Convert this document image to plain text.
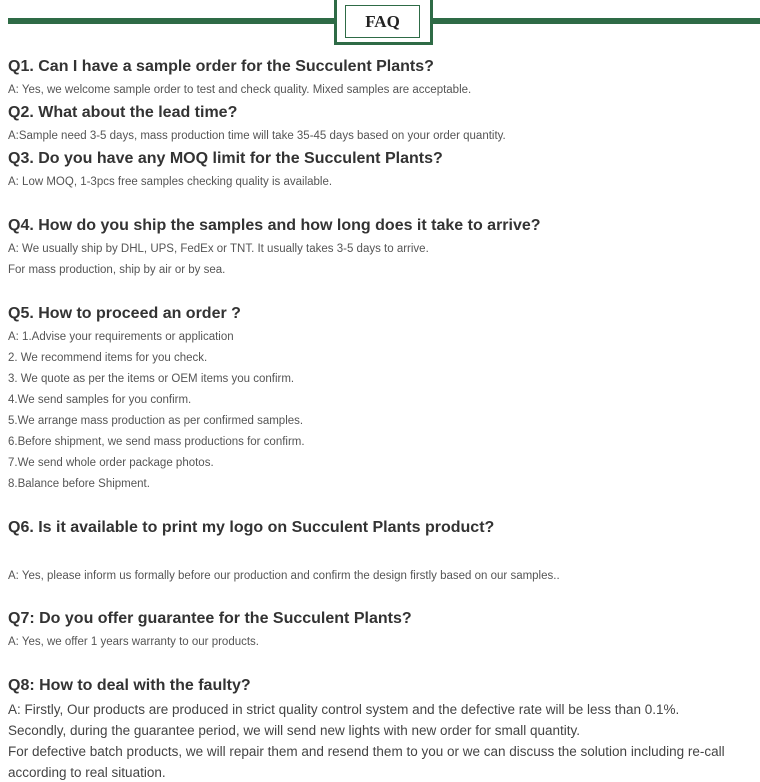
FAQ
Q1. Can I have a sample order for the Succulent Plants?
A: Yes, we welcome sample order to test and check quality. Mixed samples are acceptable.
Q2. What about the lead time?
A:Sample need 3-5 days, mass production time will take 35-45 days based on your order quantity.
Q3. Do you have any MOQ limit for the Succulent Plants?
A: Low MOQ, 1-3pcs free samples checking quality is available.
Q4. How do you ship the samples and how long does it take to arrive?
A: We usually ship by DHL, UPS, FedEx or TNT. It usually takes 3-5 days to arrive.
For mass production, ship by air or by sea.
Q5. How to proceed an order ?
A: 1.Advise your requirements or application
2. We recommend items for you check.
3. We quote as per the items or OEM items you confirm.
4.We send samples for you confirm.
5.We arrange mass production as per confirmed samples.
6.Before shipment, we send mass productions for confirm.
7.We send whole order package photos.
8.Balance before Shipment.
Q6. Is it available to print my logo on Succulent Plants product?
A: Yes, please inform us formally before our production and confirm the design firstly based on our samples..
Q7: Do you offer guarantee for the Succulent Plants?
A: Yes, we offer 1 years warranty to our products.
Q8: How to deal with the faulty?
A: Firstly, Our products are produced in strict quality control system and the defective rate will be less than 0.1%.
Secondly, during the guarantee period, we will send new lights with new order for small quantity.
For defective batch products, we will repair them and resend them to you or we can discuss the solution including re-call
according to real situation.
